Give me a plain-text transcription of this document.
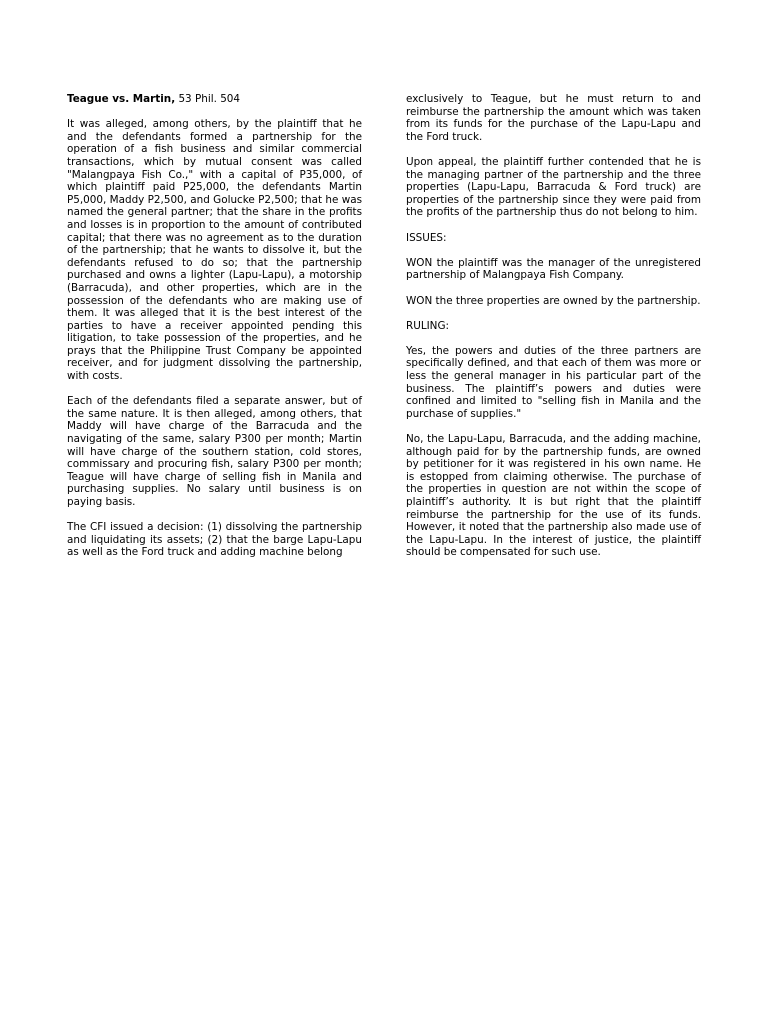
Teague vs. Martin, 53 Phil. 504

It was alleged, among others, by the plaintiff that he and the defendants formed a partnership for the operation of a fish business and similar commercial transactions, which by mutual consent was called "Malangpaya Fish Co.," with a capital of P35,000, of which plaintiff paid P25,000, the defendants Martin P5,000, Maddy P2,500, and Golucke P2,500; that he was named the general partner; that the share in the profits and losses is in proportion to the amount of contributed capital; that there was no agreement as to the duration of the partnership; that he wants to dissolve it, but the defendants refused to do so; that the partnership purchased and owns a lighter (Lapu-Lapu), a motorship (Barracuda), and other properties, which are in the possession of the defendants who are making use of them. It was alleged that it is the best interest of the parties to have a receiver appointed pending this litigation, to take possession of the properties, and he prays that the Philippine Trust Company be appointed receiver, and for judgment dissolving the partnership, with costs.

Each of the defendants filed a separate answer, but of the same nature. It is then alleged, among others, that Maddy will have charge of the Barracuda and the navigating of the same, salary P300 per month; Martin will have charge of the southern station, cold stores, commissary and procuring fish, salary P300 per month; Teague will have charge of selling fish in Manila and purchasing supplies. No salary until business is on paying basis.

The CFI issued a decision: (1) dissolving the partnership and liquidating its assets; (2) that the barge Lapu-Lapu as well as the Ford truck and adding machine belong

exclusively to Teague, but he must return to and reimburse the partnership the amount which was taken from its funds for the purchase of the Lapu-Lapu and the Ford truck.

Upon appeal, the plaintiff further contended that he is the managing partner of the partnership and the three properties (Lapu-Lapu, Barracuda & Ford truck) are properties of the partnership since they were paid from the profits of the partnership thus do not belong to him.

ISSUES:

WON the plaintiff was the manager of the unregistered partnership of Malangpaya Fish Company.

WON the three properties are owned by the partnership.

RULING:

Yes, the powers and duties of the three partners are specifically defined, and that each of them was more or less the general manager in his particular part of the business. The plaintiff’s powers and duties were confined and limited to "selling fish in Manila and the purchase of supplies."

No, the Lapu-Lapu, Barracuda, and the adding machine, although paid for by the partnership funds, are owned by petitioner for it was registered in his own name. He is estopped from claiming otherwise. The purchase of the properties in question are not within the scope of plaintiff’s authority. It is but right that the plaintiff reimburse the partnership for the use of its funds. However, it noted that the partnership also made use of the Lapu-Lapu. In the interest of justice, the plaintiff should be compensated for such use.
